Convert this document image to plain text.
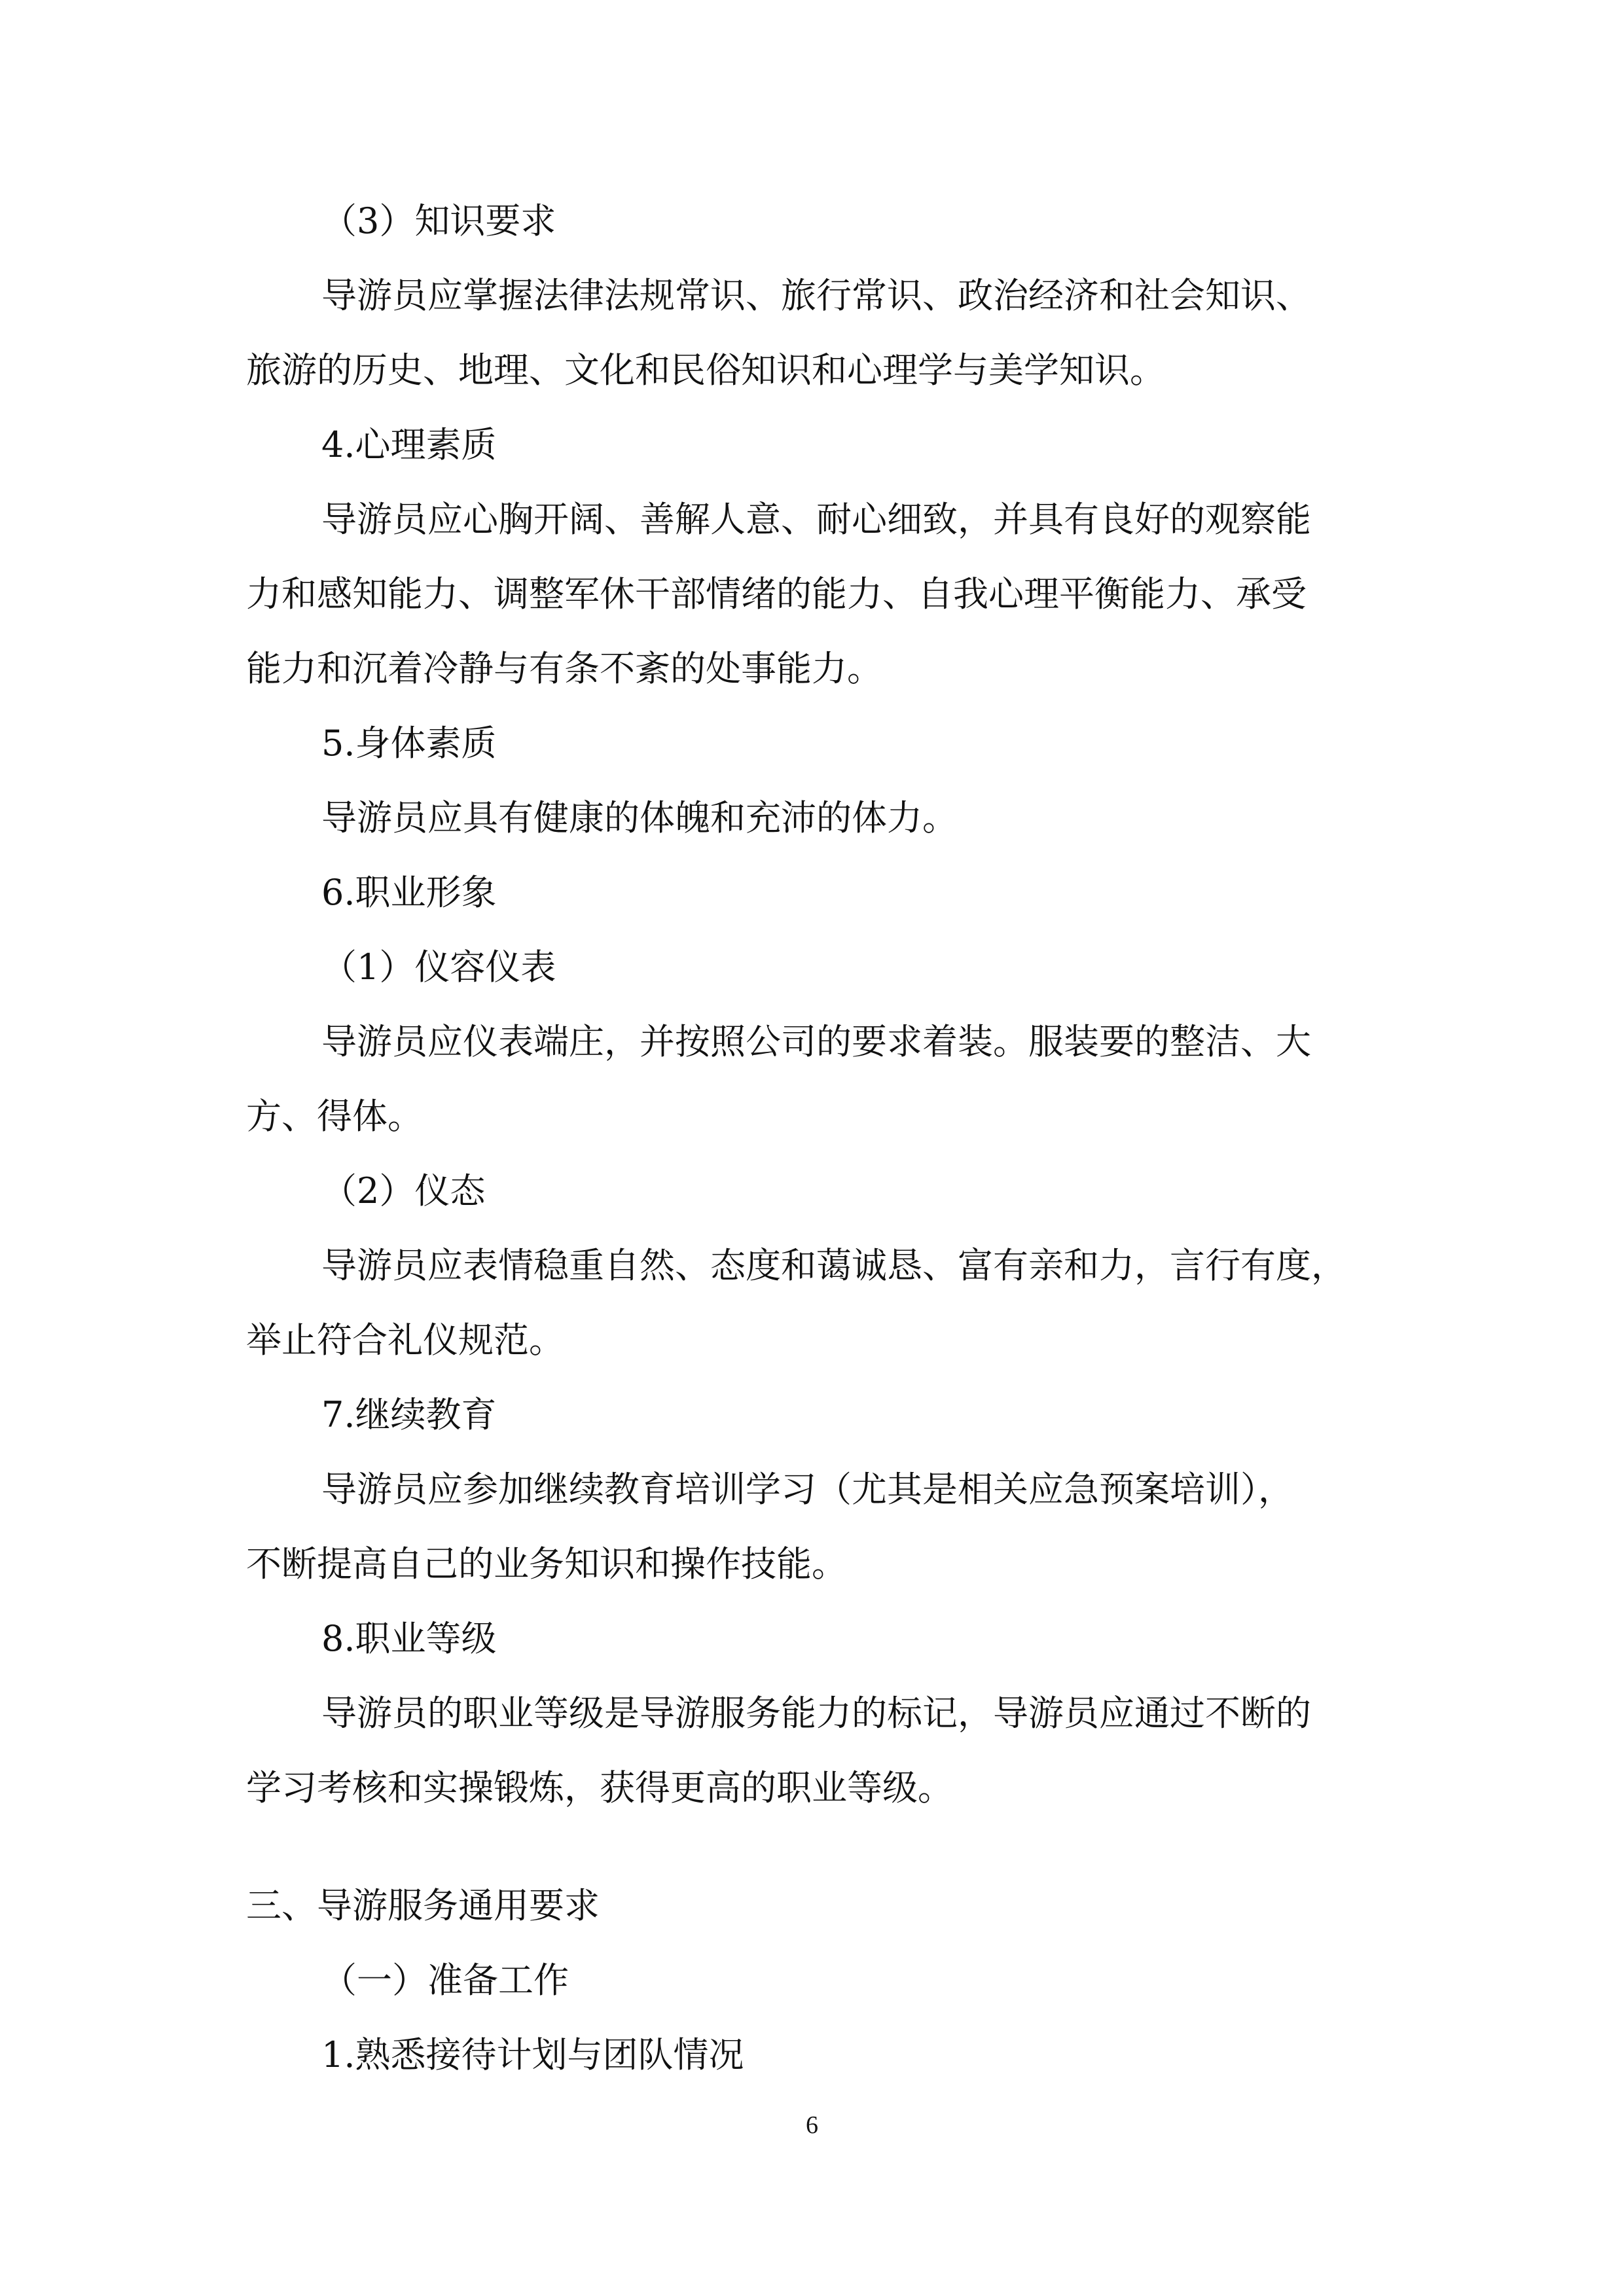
（3）知识要求

导游员应掌握法律法规常识、旅行常识、政治经济和社会知识、

旅游的历史、地理、文化和民俗知识和心理学与美学知识。

4.心理素质

导游员应心胸开阔、善解人意、耐心细致，并具有良好的观察能

力和感知能力、调整军休干部情绪的能力、自我心理平衡能力、承受

能力和沉着冷静与有条不紊的处事能力。

5.身体素质

导游员应具有健康的体魄和充沛的体力。

6.职业形象

（1）仪容仪表

导游员应仪表端庄，并按照公司的要求着装。服装要的整洁、大

方、得体。

（2）仪态

导游员应表情稳重自然、态度和蔼诚恳、富有亲和力，言行有度，

举止符合礼仪规范。

7.继续教育

导游员应参加继续教育培训学习（尤其是相关应急预案培训），

不断提高自己的业务知识和操作技能。

8.职业等级

导游员的职业等级是导游服务能力的标记，导游员应通过不断的

学习考核和实操锻炼，获得更高的职业等级。

三、导游服务通用要求

（一）准备工作

1.熟悉接待计划与团队情况

6
